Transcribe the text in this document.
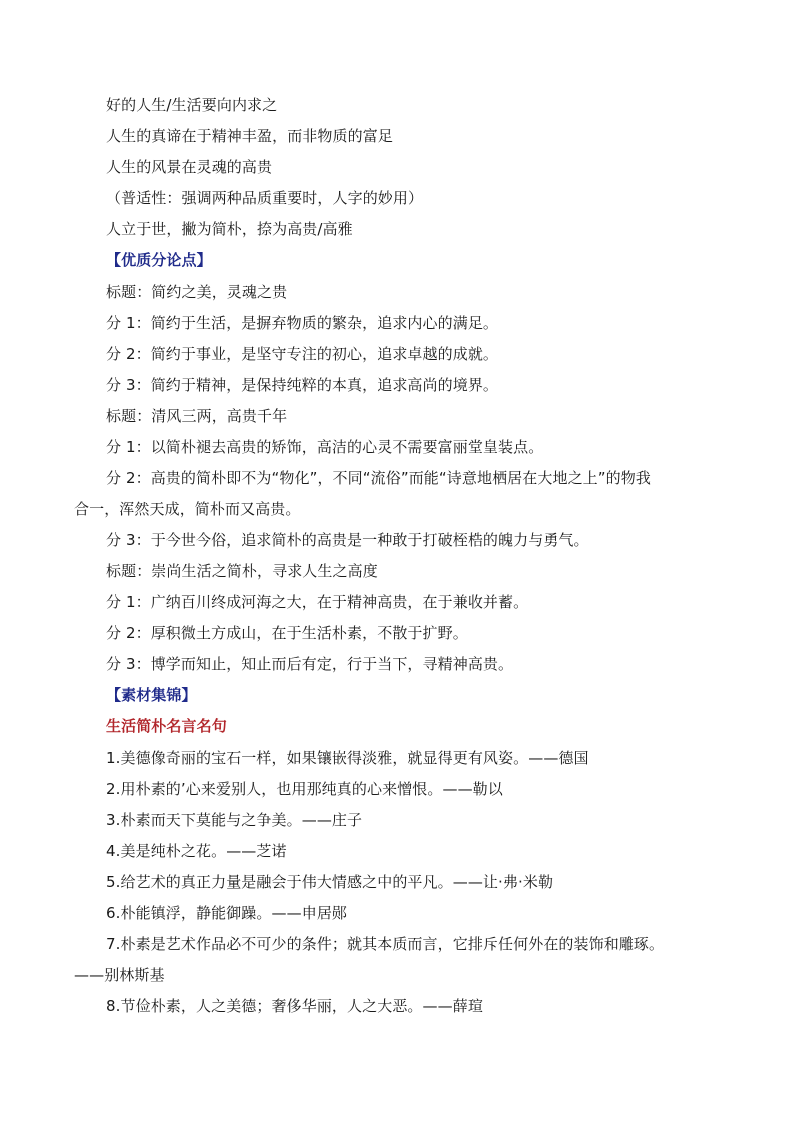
好的人生/生活要向内求之
人生的真谛在于精神丰盈，而非物质的富足
人生的风景在灵魂的高贵
（普适性：强调两种品质重要时，人字的妙用）
人立于世，撇为简朴，捺为高贵/高雅
【优质分论点】
标题：简约之美，灵魂之贵
分 1：简约于生活，是摒弃物质的繁杂，追求内心的满足。
分 2：简约于事业，是坚守专注的初心，追求卓越的成就。
分 3：简约于精神，是保持纯粹的本真，追求高尚的境界。
标题：清风三两，高贵千年
分 1：以简朴褪去高贵的矫饰，高洁的心灵不需要富丽堂皇装点。
分 2：高贵的简朴即不为“物化”，不同“流俗”而能“诗意地栖居在大地之上”的物我
合一，浑然天成，简朴而又高贵。
分 3：于今世今俗，追求简朴的高贵是一种敢于打破桎梏的魄力与勇气。
标题：崇尚生活之简朴，寻求人生之高度
分 1：广纳百川终成河海之大，在于精神高贵，在于兼收并蓄。
分 2：厚积微土方成山，在于生活朴素，不散于扩野。
分 3：博学而知止，知止而后有定，行于当下，寻精神高贵。
【素材集锦】
生活简朴名言名句
1.美德像奇丽的宝石一样，如果镶嵌得淡雅，就显得更有风姿。——德国
2.用朴素的’心来爱别人，也用那纯真的心来憎恨。——勒以
3.朴素而天下莫能与之争美。——庄子
4.美是纯朴之花。——芝诺
5.给艺术的真正力量是融会于伟大情感之中的平凡。——让·弗·米勒
6.朴能镇浮，静能御躁。——申居郧
7.朴素是艺术作品必不可少的条件；就其本质而言，它排斥任何外在的装饰和雕琢。
——别林斯基
8.节俭朴素，人之美德；奢侈华丽，人之大恶。——薛瑄
